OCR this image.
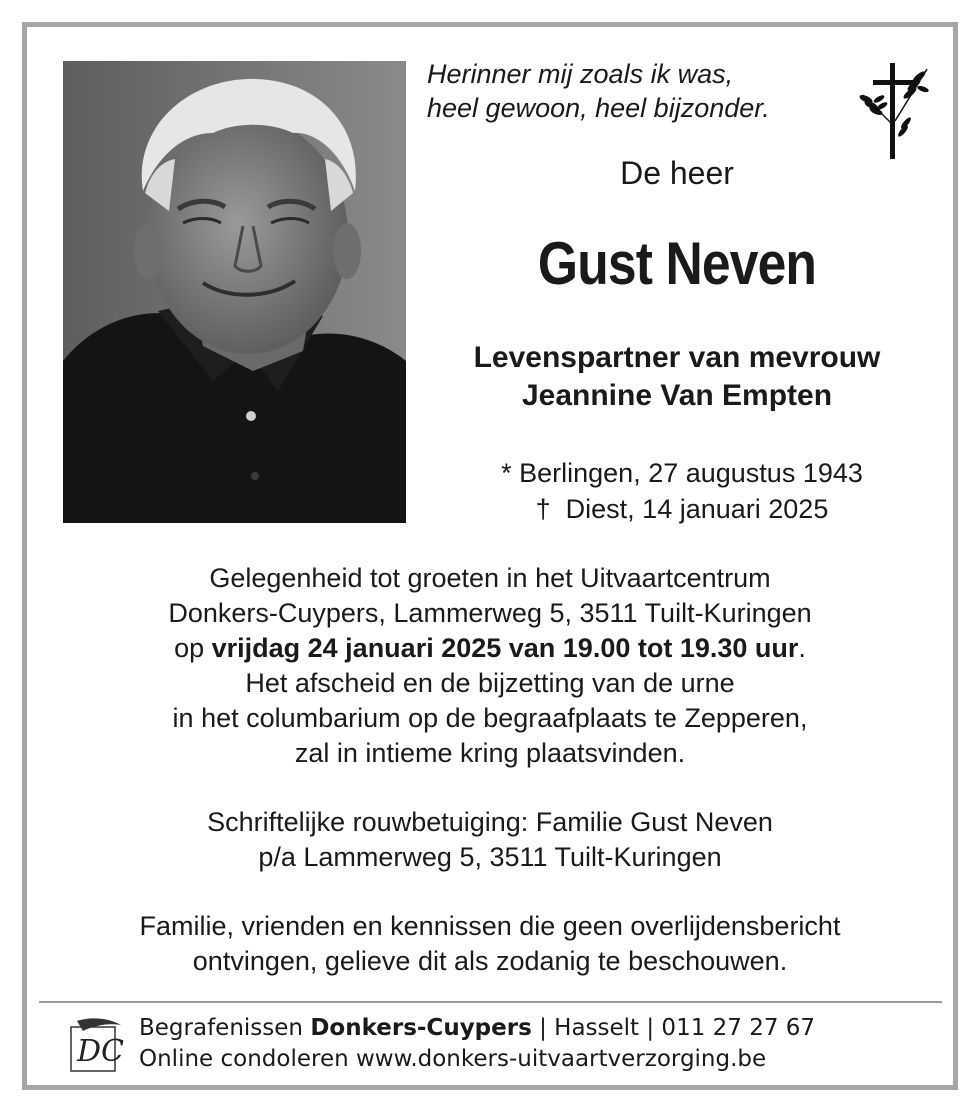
Herinner mij zoals ik was,
heel gewoon, heel bijzonder.
De heer
Gust Neven
Levenspartner van mevrouw
Jeannine Van Empten
* Berlingen, 27 augustus 1943
†  Diest, 14 januari 2025
Gelegenheid tot groeten in het Uitvaartcentrum
Donkers-Cuypers, Lammerweg 5, 3511 Tuilt-Kuringen
op vrijdag 24 januari 2025 van 19.00 tot 19.30 uur.
Het afscheid en de bijzetting van de urne
in het columbarium op de begraafplaats te Zepperen,
zal in intieme kring plaatsvinden.
Schriftelijke rouwbetuiging: Familie Gust Neven
p/a Lammerweg 5, 3511 Tuilt-Kuringen
Familie, vrienden en kennissen die geen overlijdensbericht
ontvingen, gelieve dit als zodanig te beschouwen.
DC
Begrafenissen Donkers-Cuypers | Hasselt | 011 27 27 67
Online condoleren www.donkers-uitvaartverzorging.be
